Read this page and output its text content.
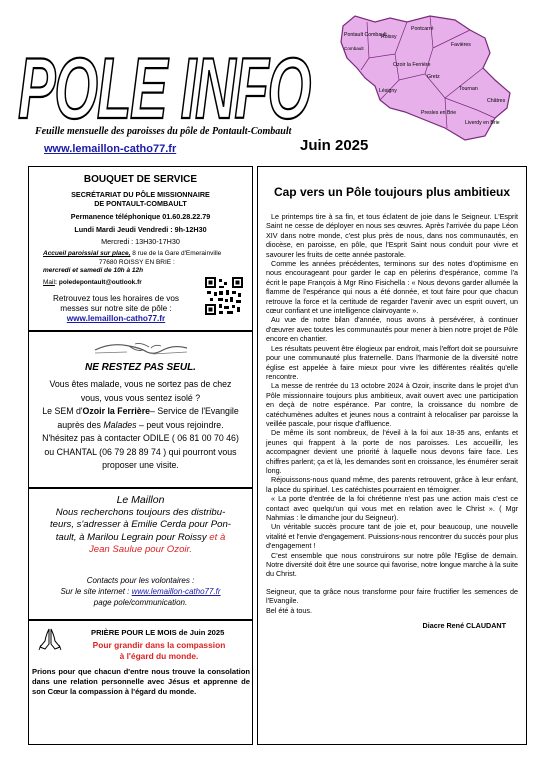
POLE INFO
Feuille mensuelle des paroisses du pôle de Pontault-Combault
www.lemaillon-catho77.fr	Juin 2025
Pontault Combault
Combault
Roissy
Pontcarré
Favières
Ozoir la Ferrière
Lésigny
Gretz
Tournan
Presles en Brie
Liverdy en Brie
Châtres
BOUQUET DE SERVICE
SECRÉTARIAT DU PÔLE MISSIONNAIRE
DE PONTAULT-COMBAULT
Permanence téléphonique 01.60.28.22.79
Lundi Mardi Jeudi Vendredi : 9h-12H30
Mercredi : 13H30-17H30
Accueil paroissial sur place, 8 rue de la Gare d'Emerainville
77680 ROISSY EN BRIE :
mercredi et samedi de 10h à 12h
Mail: poledepontault@outlook.fr
Retrouvez tous les horaires de vos
messes sur notre site de pôle :
www.lemaillon-catho77.fr
NE RESTEZ PAS SEUL.
Vous êtes malade, vous ne sortez pas de chez
vous, vous vous sentez isolé ?
Le SEM d'Ozoir la Ferrière– Service de l'Evangile
auprès des Malades – peut vous rejoindre.
N'hésitez pas à contacter ODILE ( 06 81 00 70 46)
ou CHANTAL (06 79 28 89 74 ) qui pourront vous
proposer une visite.
Le Maillon
Nous recherchons toujours des distribu-
teurs, s'adresser à Emilie Cerda pour Pon-
tault, à Marilou Legrain pour Roissy et à
Jean Saulue pour Ozoir.
Contacts pour les volontaires :
Sur le site internet : www.lemaillon-catho77.fr
page pole/communication.
PRIÈRE POUR LE MOIS de Juin 2025
Pour grandir dans la compassion
à l'égard du monde.
Prions pour que chacun d'entre nous trouve la consolation dans une relation personnelle avec Jésus et apprenne de son Cœur la compassion à l'égard du monde.
Cap vers un Pôle toujours plus ambitieux

Le printemps tire à sa fin, et tous éclatent de joie dans le Seigneur. L'Esprit Saint ne cesse de déployer en nous ses œuvres. Après l'arrivée du pape Léon XIV dans notre monde, c'est plus près de nous, dans nos communautés, en diocèse, en paroisse, en pôle, que l'Esprit Saint nous conduit pour vivre et savourer les fruits de cette année pastorale.

Comme les années précédentes, terminons sur des notes d'optimisme en nous encourageant pour garder le cap en pèlerins d'espérance, comme l'a écrit le pape François à Mgr Rino Fisichella : « Nous devons garder allumée la flamme de l'espérance qui nous a été donnée, et tout faire pour que chacun retrouve la force et la certitude de regarder l'avenir avec un esprit ouvert, un cœur confiant et une intelligence clairvoyante ».

Au vue de notre bilan d'année, nous avons à persévérer, à continuer d'œuvrer avec toutes les communautés pour mener à bien notre projet de Pôle encore en chantier.

Les résultats peuvent être élogieux par endroit, mais l'effort doit se poursuivre pour une communauté plus fraternelle. Dans l'harmonie de la diversité notre église est appelée à faire mieux pour vivre les différentes réalités qu'elle rencontre.

La messe de rentrée du 13 octobre 2024 à Ozoir, inscrite dans le projet d'un Pôle missionnaire toujours plus ambitieux, avait ouvert avec une participation en deçà de notre espérance. Par contre, la croissance du nombre de catéchumènes adultes et jeunes nous a contraint à relocaliser par paroisse la veillée pascale, pour risque d'affluence.

De même ils sont nombreux, de l'éveil à la foi aux 18-35 ans, enfants et jeunes qui frappent à la porte de nos paroisses. Les accueillir, les accompagner devient une priorité à laquelle nous devons faire face. Les chiffres parlent; ça et là, les demandes sont en croissance, les énumérer serait long.

Réjouissons-nous quand même, des parents retrouvent, grâce à leur enfant, la place du spirituel. Les catéchistes pourraient en témoigner.

« La porte d'entrée de la foi chrétienne n'est pas une action mais c'est ce contact avec quelqu'un qui vous met en relation avec le Christ ». ( Mgr Nahmias : le dimanche jour du Seigneur).

Un véritable succès procure tant de joie et, pour beaucoup, une nouvelle vitalité et l'envie d'engagement. Puissions-nous rencontrer du succès pour plus d'engagement !

C'est ensemble que nous construirons sur notre pôle l'Eglise de demain. Notre diversité doit être une source qui favorise, notre longue marche à la suite du Christ.

Seigneur, que ta grâce nous transforme pour faire fructifier les semences de l'Evangile.

Bel été à tous.

Diacre René CLAUDANT
